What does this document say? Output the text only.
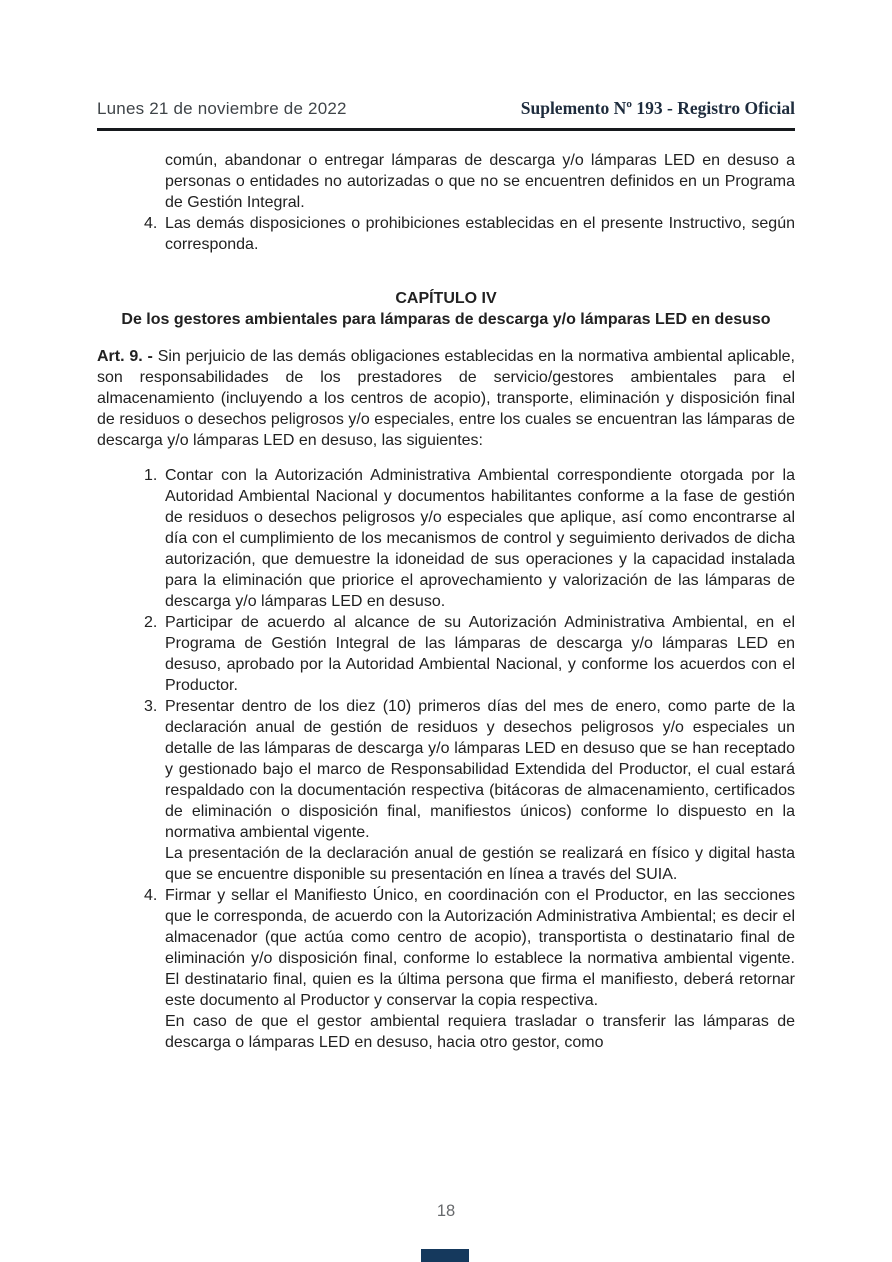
Lunes 21 de noviembre de 2022	Suplemento Nº 193 - Registro Oficial

común, abandonar o entregar lámparas de descarga y/o lámparas LED en desuso a personas o entidades no autorizadas o que no se encuentren definidos en un Programa de Gestión Integral.

4. Las demás disposiciones o prohibiciones establecidas en el presente Instructivo, según corresponda.

CAPÍTULO IV
De los gestores ambientales para lámparas de descarga y/o lámparas LED en desuso

Art. 9. - Sin perjuicio de las demás obligaciones establecidas en la normativa ambiental aplicable, son responsabilidades de los prestadores de servicio/gestores ambientales para el almacenamiento (incluyendo a los centros de acopio), transporte, eliminación y disposición final de residuos o desechos peligrosos y/o especiales, entre los cuales se encuentran las lámparas de descarga y/o lámparas LED en desuso, las siguientes:

1. Contar con la Autorización Administrativa Ambiental correspondiente otorgada por la Autoridad Ambiental Nacional y documentos habilitantes conforme a la fase de gestión de residuos o desechos peligrosos y/o especiales que aplique, así como encontrarse al día con el cumplimiento de los mecanismos de control y seguimiento derivados de dicha autorización, que demuestre la idoneidad de sus operaciones y la capacidad instalada para la eliminación que priorice el aprovechamiento y valorización de las lámparas de descarga y/o lámparas LED en desuso.

2. Participar de acuerdo al alcance de su Autorización Administrativa Ambiental, en el Programa de Gestión Integral de las lámparas de descarga y/o lámparas LED en desuso, aprobado por la Autoridad Ambiental Nacional, y conforme los acuerdos con el Productor.

3. Presentar dentro de los diez (10) primeros días del mes de enero, como parte de la declaración anual de gestión de residuos y desechos peligrosos y/o especiales un detalle de las lámparas de descarga y/o lámparas LED en desuso que se han receptado y gestionado bajo el marco de Responsabilidad Extendida del Productor, el cual estará respaldado con la documentación respectiva (bitácoras de almacenamiento, certificados de eliminación o disposición final, manifiestos únicos) conforme lo dispuesto en la normativa ambiental vigente.

La presentación de la declaración anual de gestión se realizará en físico y digital hasta que se encuentre disponible su presentación en línea a través del SUIA.

4. Firmar y sellar el Manifiesto Único, en coordinación con el Productor, en las secciones que le corresponda, de acuerdo con la Autorización Administrativa Ambiental; es decir el almacenador (que actúa como centro de acopio), transportista o destinatario final de eliminación y/o disposición final, conforme lo establece la normativa ambiental vigente. El destinatario final, quien es la última persona que firma el manifiesto, deberá retornar este documento al Productor y conservar la copia respectiva.

En caso de que el gestor ambiental requiera trasladar o transferir las lámparas de descarga o lámparas LED en desuso, hacia otro gestor, como

18
